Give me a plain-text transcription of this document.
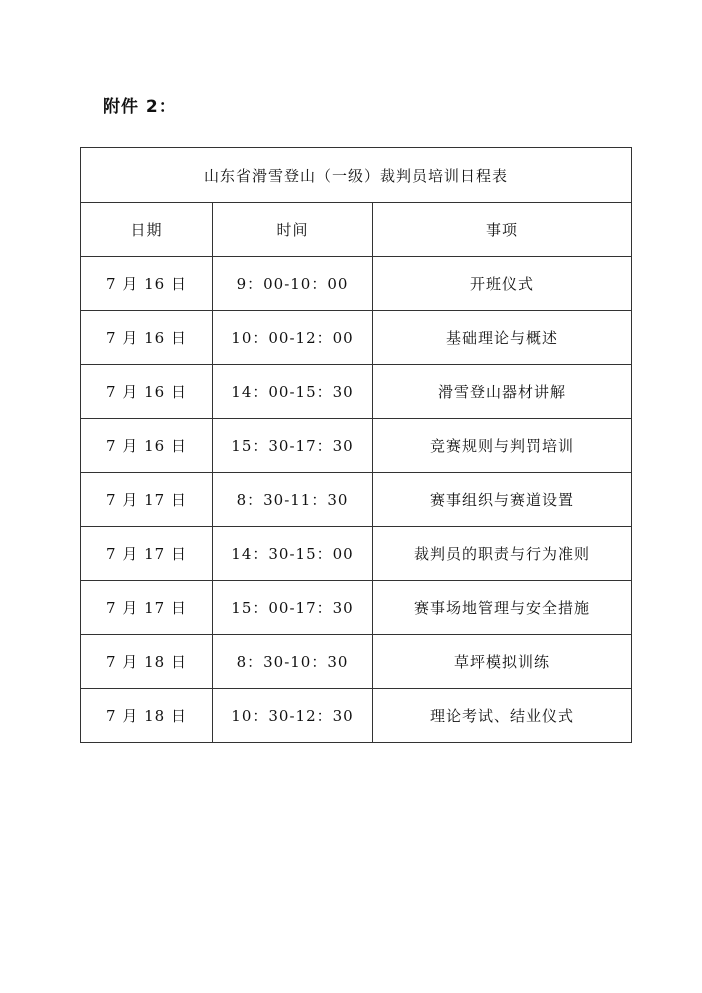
附件 2：
山东省滑雪登山（一级）裁判员培训日程表		
日期	时间	事项
7 月 16 日	9：00-10：00	开班仪式
7 月 16 日	10：00-12：00	基础理论与概述
7 月 16 日	14：00-15：30	滑雪登山器材讲解
7 月 16 日	15：30-17：30	竞赛规则与判罚培训
7 月 17 日	8：30-11：30	赛事组织与赛道设置
7 月 17 日	14：30-15：00	裁判员的职责与行为准则
7 月 17 日	15：00-17：30	赛事场地管理与安全措施
7 月 18 日	8：30-10：30	草坪模拟训练
7 月 18 日	10：30-12：30	理论考试、结业仪式
